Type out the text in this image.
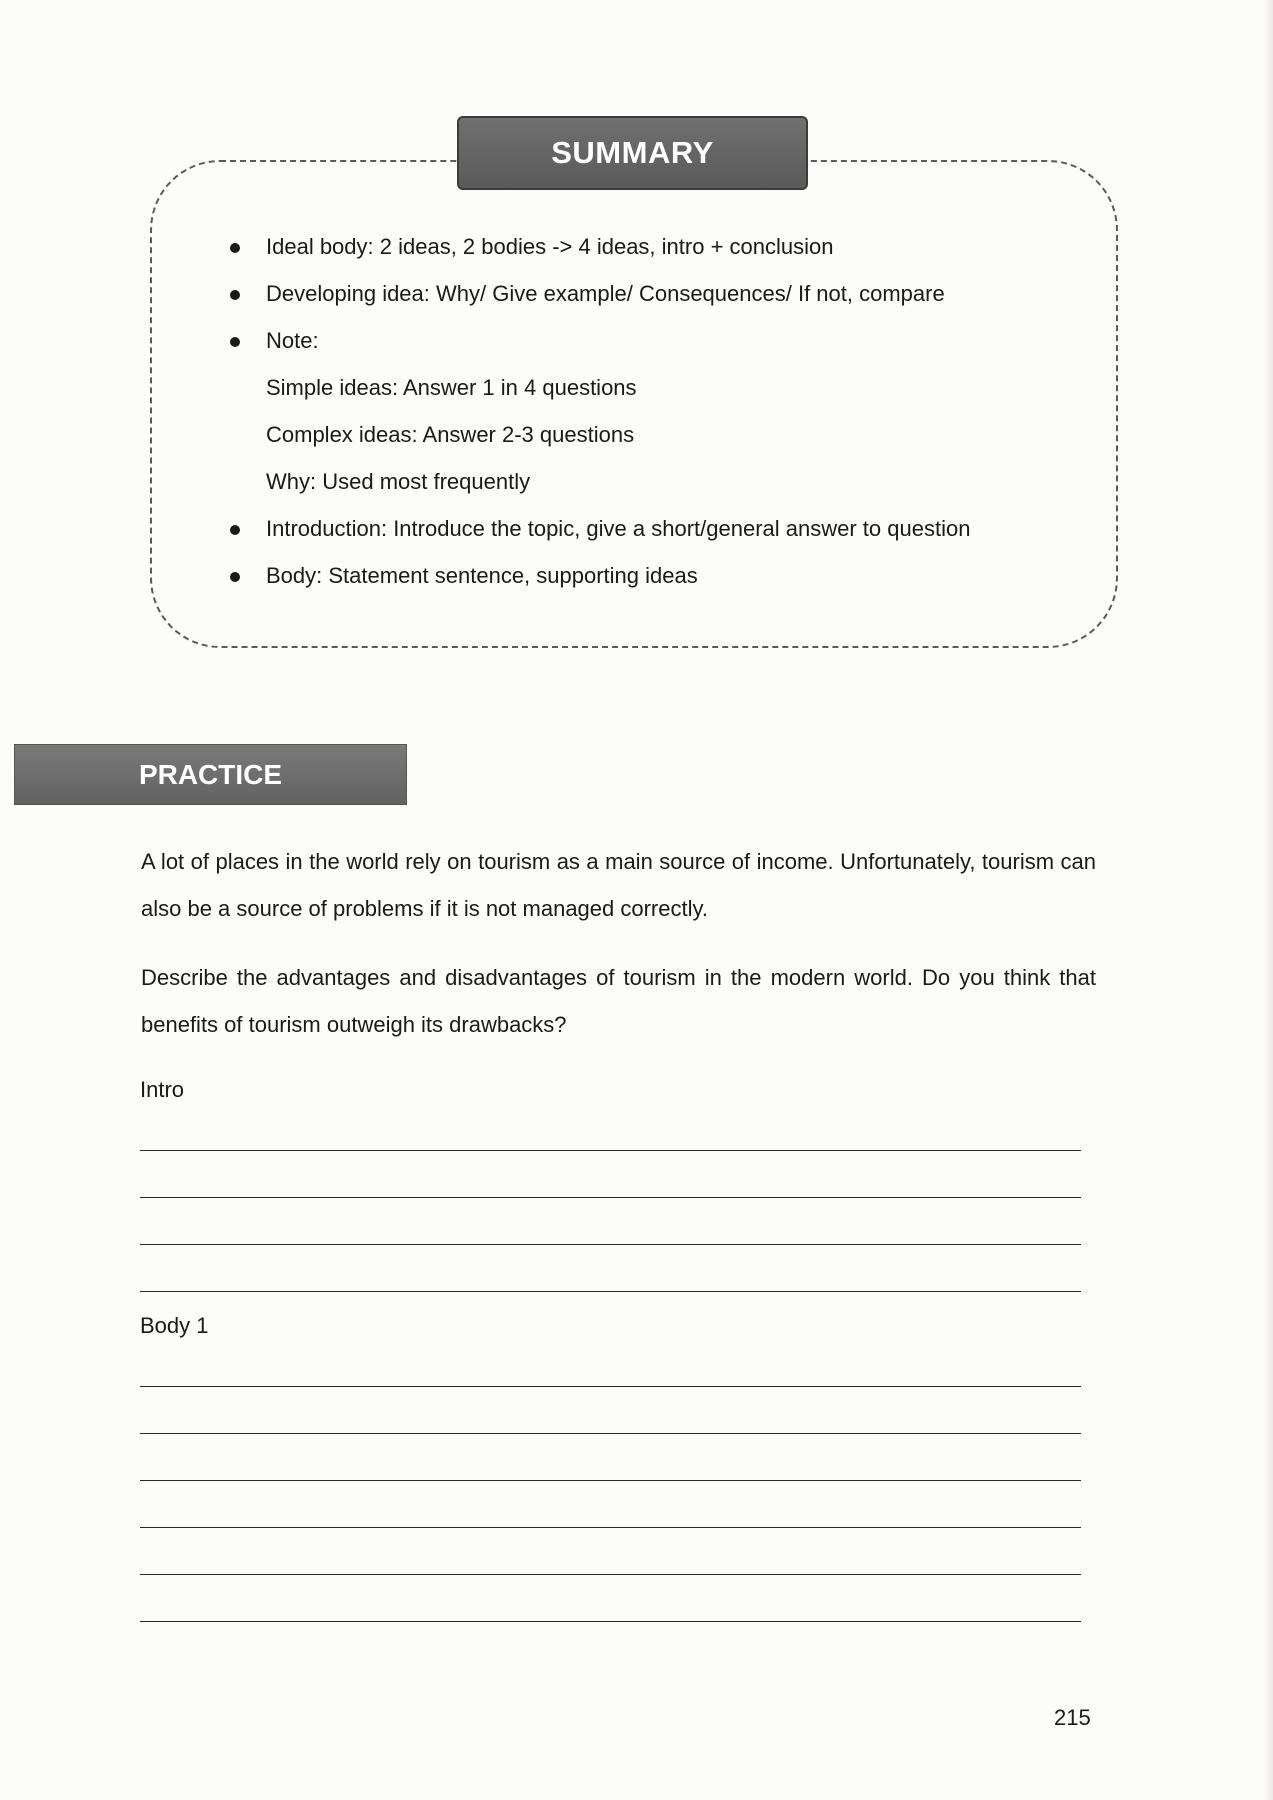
SUMMARY
Ideal body: 2 ideas, 2 bodies -> 4 ideas, intro + conclusion
Developing idea: Why/ Give example/ Consequences/ If not, compare
Note:
Simple ideas: Answer 1 in 4 questions
Complex ideas: Answer 2-3 questions
Why: Used most frequently
Introduction: Introduce the topic, give a short/general answer to question
Body: Statement sentence, supporting ideas
PRACTICE

A lot of places in the world rely on tourism as a main source of income. Unfortunately, tourism can also be a source of problems if it is not managed correctly.

Describe the advantages and disadvantages of tourism in the modern world. Do you think that benefits of tourism outweigh its drawbacks?

Intro
Body 1
215
